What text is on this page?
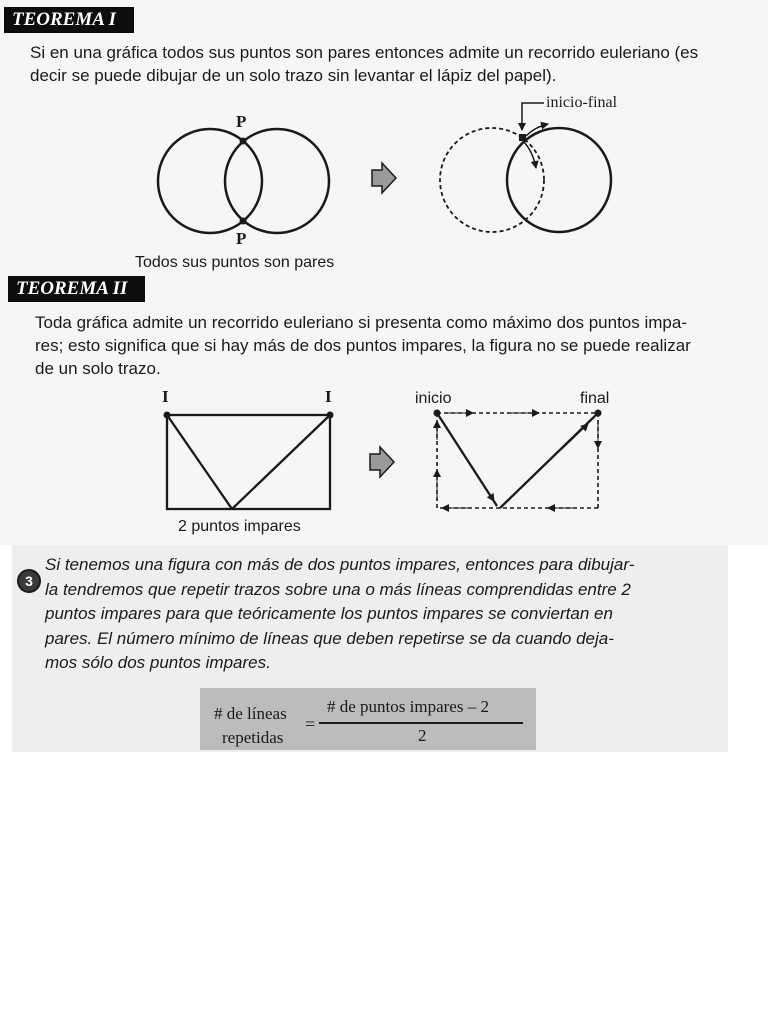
TEOREMA I

Si en una gráfica todos sus puntos son pares entonces admite un recorrido euleriano (es

decir se puede dibujar de un solo trazo sin levantar el lápiz del papel).

P
P
Todos sus puntos son pares
inicio-final
TEOREMA II

Toda gráfica admite un recorrido euleriano si presenta como máximo dos puntos impa-

res; esto significa que si hay más de dos puntos impares, la figura no se puede realizar

de un solo trazo.

I	I
2 puntos impares
inicio	final
3
Si tenemos una figura con más de dos puntos impares, entonces para dibujar-
la tendremos que repetir trazos sobre una o más líneas comprendidas entre 2
puntos impares para que teóricamente los puntos impares se conviertan en
pares. El número mínimo de líneas que deben repetirse se da cuando deja-
mos sólo dos puntos impares.
# de líneas
repetidas
=
# de puntos impares – 2
2
